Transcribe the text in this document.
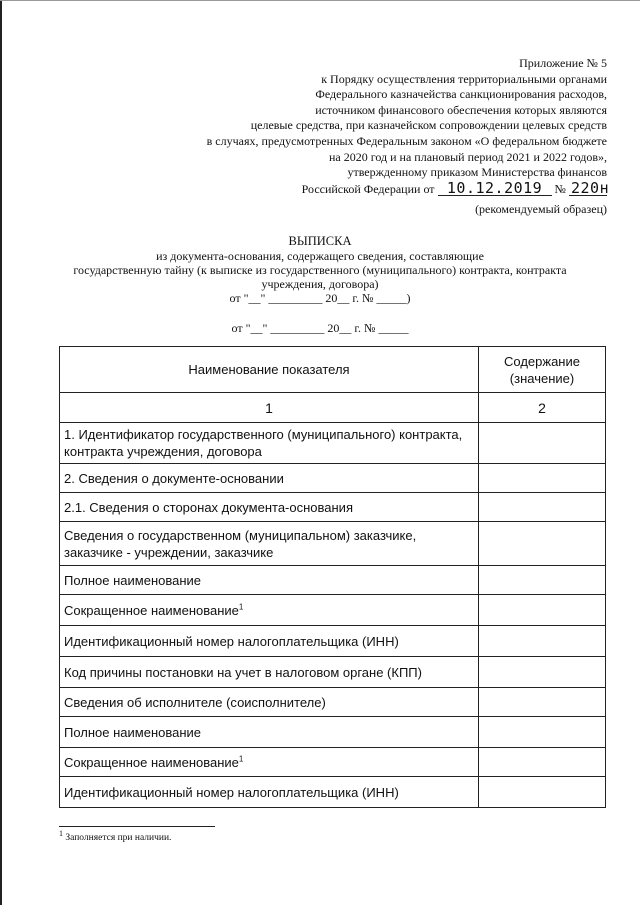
Приложение № 5
к Порядку осуществления территориальными органами
Федерального казначейства санкционирования расходов,
источником финансового обеспечения которых являются
целевые средства, при казначейском сопровождении целевых средств
в случаях, предусмотренных Федеральным законом «О федеральном бюджете
на 2020 год и на плановый период 2021 и 2022 годов»,
утвержденному приказом Министерства финансов
Российской Федерации от 10.12.2019 № 220н
(рекомендуемый образец)
ВЫПИСКА
из документа-основания, содержащего сведения, составляющие
государственную тайну (к выписке из государственного (муниципального) контракта, контракта
учреждения, договора)
от "__" _________ 20__ г. № _____)
от "__" _________ 20__ г. № _____
Наименование показателя	Содержание (значение)
1	2
1. Идентификатор государственного (муниципального) контракта, контракта учреждения, договора	
2. Сведения о документе-основании	
2.1. Сведения о сторонах документа-основания	
Сведения о государственном (муниципальном) заказчике, заказчике - учреждении, заказчике	
Полное наименование	
Сокращенное наименование$^1$	
Идентификационный номер налогоплательщика (ИНН)	
Код причины постановки на учет в налоговом органе (КПП)	
Сведения об исполнителе (соисполнителе)	
Полное наименование	
Сокращенное наименование$^1$	
Идентификационный номер налогоплательщика (ИНН)	
$^1$ Заполняется при наличии.
